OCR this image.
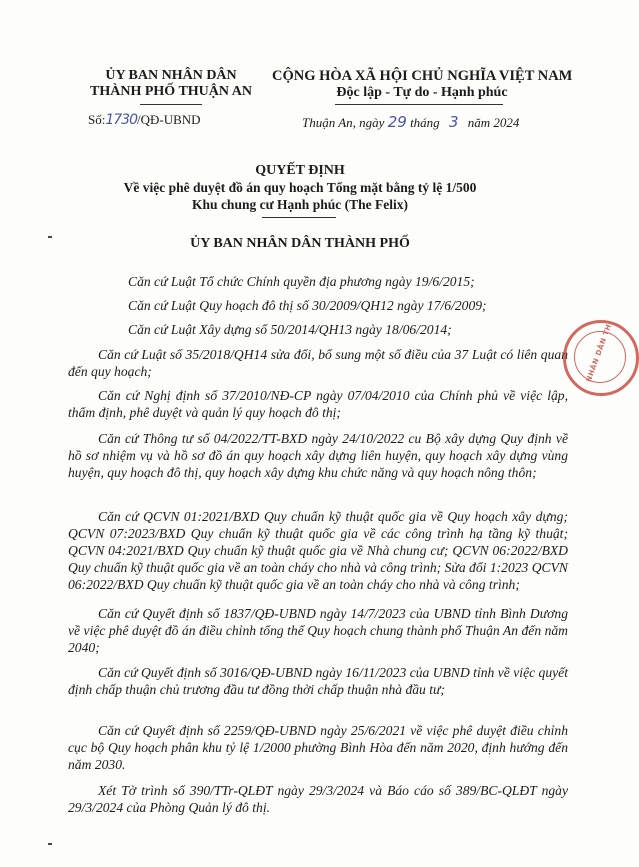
ỦY BAN NHÂN DÂN
THÀNH PHỐ THUẬN AN
CỘNG HÒA XÃ HỘI CHỦ NGHĨA VIỆT NAM
Độc lập - Tự do - Hạnh phúc
Số:1730/QĐ-UBND	Thuận An, ngày 29 tháng 3 năm 2024
QUYẾT ĐỊNH
Về việc phê duyệt đồ án quy hoạch Tổng mặt bằng tỷ lệ 1/500
Khu chung cư Hạnh phúc (The Felix)
ỦY BAN NHÂN DÂN THÀNH PHỐ

Căn cứ Luật Tổ chức Chính quyền địa phương ngày 19/6/2015;

Căn cứ Luật Quy hoạch đô thị số 30/2009/QH12 ngày 17/6/2009;

Căn cứ Luật Xây dựng số 50/2014/QH13 ngày 18/06/2014;

Căn cứ Luật số 35/2018/QH14 sửa đổi, bổ sung một số điều của 37 Luật có liên quan đến quy hoạch;

Căn cứ Nghị định số 37/2010/NĐ-CP ngày 07/04/2010 của Chính phủ về việc lập, thẩm định, phê duyệt và quản lý quy hoạch đô thị;

Căn cứ Thông tư số 04/2022/TT-BXD ngày 24/10/2022 cu Bộ xây dựng Quy định về hồ sơ nhiệm vụ và hồ sơ đồ án quy hoạch xây dựng liên huyện, quy hoạch xây dựng vùng huyện, quy hoạch đô thị, quy hoạch xây dựng khu chức năng và quy hoạch nông thôn;

Căn cứ QCVN 01:2021/BXD Quy chuẩn kỹ thuật quốc gia về Quy hoạch xây dựng; QCVN 07:2023/BXD Quy chuẩn kỹ thuật quốc gia về các công trình hạ tầng kỹ thuật; QCVN 04:2021/BXD Quy chuẩn kỹ thuật quốc gia về Nhà chung cư; QCVN 06:2022/BXD Quy chuẩn kỹ thuật quốc gia về an toàn cháy cho nhà và công trình; Sửa đổi 1:2023 QCVN 06:2022/BXD Quy chuẩn kỹ thuật quốc gia về an toàn cháy cho nhà và công trình;

Căn cứ Quyết định số 1837/QĐ-UBND ngày 14/7/2023 của UBND tỉnh Bình Dương về việc phê duyệt đồ án điều chỉnh tổng thể Quy hoạch chung thành phố Thuận An đến năm 2040;

Căn cứ Quyết định số 3016/QĐ-UBND ngày 16/11/2023 của UBND tỉnh về việc quyết định chấp thuận chủ trương đầu tư đồng thời chấp thuận nhà đầu tư;

Căn cứ Quyết định số 2259/QĐ-UBND ngày 25/6/2021 về việc phê duyệt điều chỉnh cục bộ Quy hoạch phân khu tỷ lệ 1/2000 phường Bình Hòa đến năm 2020, định hướng đến năm 2030.

Xét Tờ trình số 390/TTr-QLĐT ngày 29/3/2024 và Báo cáo số 389/BC-QLĐT ngày 29/3/2024 của Phòng Quản lý đô thị.

NHÂN DÂN TH
